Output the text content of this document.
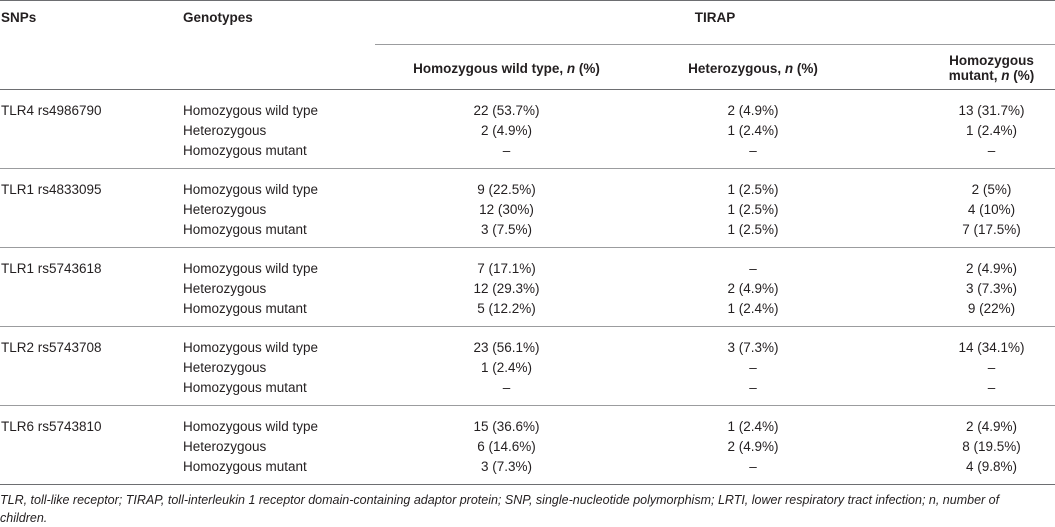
SNPs	Genotypes	TIRAP		
		Homozygous wild type, n (%)	Heterozygous, n (%)	Homozygous mutant, n (%)

TLR4 rs4986790	Homozygous wild type	22 (53.7%)	2 (4.9%)	13 (31.7%)
	Heterozygous	2 (4.9%)	1 (2.4%)	1 (2.4%)
	Homozygous mutant	–	–	–
TLR1 rs4833095	Homozygous wild type	9 (22.5%)	1 (2.5%)	2 (5%)
	Heterozygous	12 (30%)	1 (2.5%)	4 (10%)
	Homozygous mutant	3 (7.5%)	1 (2.5%)	7 (17.5%)
TLR1 rs5743618	Homozygous wild type	7 (17.1%)	–	2 (4.9%)
	Heterozygous	12 (29.3%)	2 (4.9%)	3 (7.3%)
	Homozygous mutant	5 (12.2%)	1 (2.4%)	9 (22%)
TLR2 rs5743708	Homozygous wild type	23 (56.1%)	3 (7.3%)	14 (34.1%)
	Heterozygous	1 (2.4%)	–	–
	Homozygous mutant	–	–	–
TLR6 rs5743810	Homozygous wild type	15 (36.6%)	1 (2.4%)	2 (4.9%)
	Heterozygous	6 (14.6%)	2 (4.9%)	8 (19.5%)
	Homozygous mutant	3 (7.3%)	–	4 (9.8%)
TLR, toll-like receptor; TIRAP, toll-interleukin 1 receptor domain-containing adaptor protein; SNP, single-nucleotide polymorphism; LRTI, lower respiratory tract infection; n, number of children.
